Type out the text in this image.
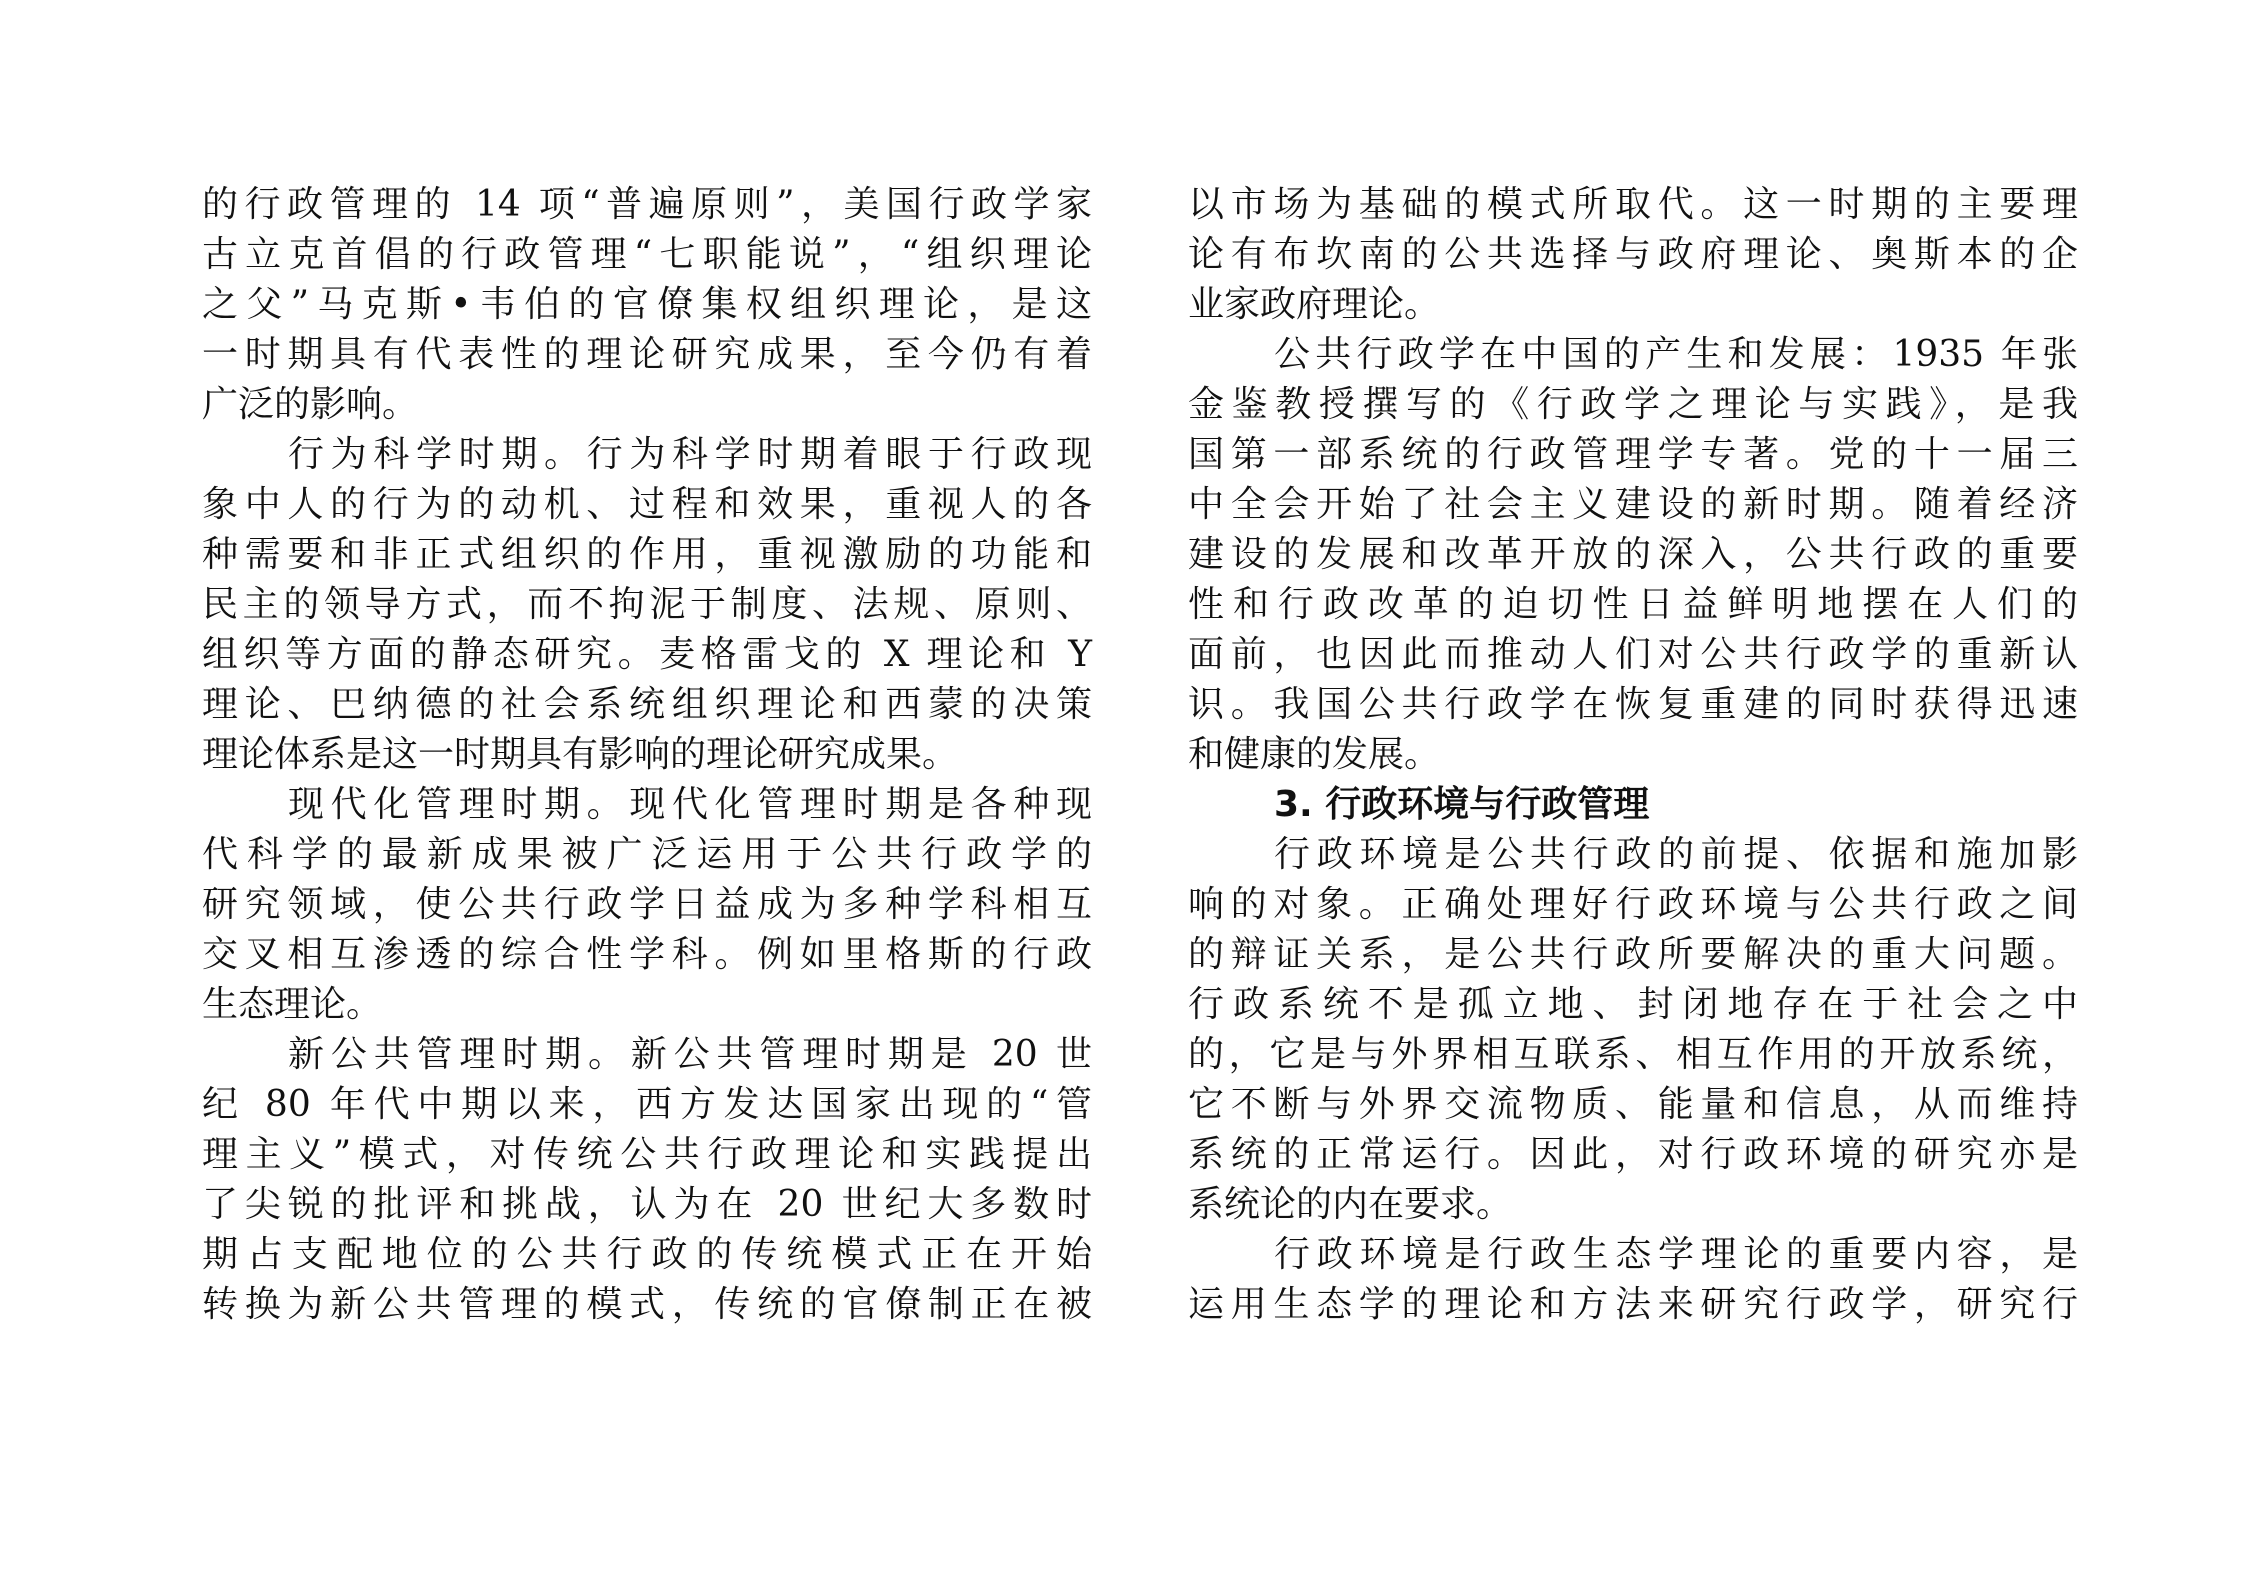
的行政管理的 14 项“普遍原则”，美国行政学家
古立克首倡的行政管理“七职能说”，“组织理论
之父”马克斯•韦伯的官僚集权组织理论，是这
一时期具有代表性的理论研究成果，至今仍有着
广泛的影响。
行为科学时期。行为科学时期着眼于行政现
象中人的行为的动机、过程和效果，重视人的各
种需要和非正式组织的作用，重视激励的功能和
民主的领导方式，而不拘泥于制度、法规、原则、
组织等方面的静态研究。麦格雷戈的 X 理论和 Y
理论、巴纳德的社会系统组织理论和西蒙的决策
理论体系是这一时期具有影响的理论研究成果。
现代化管理时期。现代化管理时期是各种现
代科学的最新成果被广泛运用于公共行政学的
研究领域，使公共行政学日益成为多种学科相互
交叉相互渗透的综合性学科。例如里格斯的行政
生态理论。
新公共管理时期。新公共管理时期是 20 世
纪 80 年代中期以来，西方发达国家出现的“管
理主义”模式，对传统公共行政理论和实践提出
了尖锐的批评和挑战，认为在 20 世纪大多数时
期占支配地位的公共行政的传统模式正在开始
转换为新公共管理的模式，传统的官僚制正在被
以市场为基础的模式所取代。这一时期的主要理
论有布坎南的公共选择与政府理论、奥斯本的企
业家政府理论。
公共行政学在中国的产生和发展：1935 年张
金鉴教授撰写的《行政学之理论与实践》，是我
国第一部系统的行政管理学专著。党的十一届三
中全会开始了社会主义建设的新时期。随着经济
建设的发展和改革开放的深入，公共行政的重要
性和行政改革的迫切性日益鲜明地摆在人们的
面前，也因此而推动人们对公共行政学的重新认
识。我国公共行政学在恢复重建的同时获得迅速
和健康的发展。
3. 行政环境与行政管理
行政环境是公共行政的前提、依据和施加影
响的对象。正确处理好行政环境与公共行政之间
的辩证关系，是公共行政所要解决的重大问题。
行政系统不是孤立地、封闭地存在于社会之中
的，它是与外界相互联系、相互作用的开放系统，
它不断与外界交流物质、能量和信息，从而维持
系统的正常运行。因此，对行政环境的研究亦是
系统论的内在要求。
行政环境是行政生态学理论的重要内容，是
运用生态学的理论和方法来研究行政学，研究行
